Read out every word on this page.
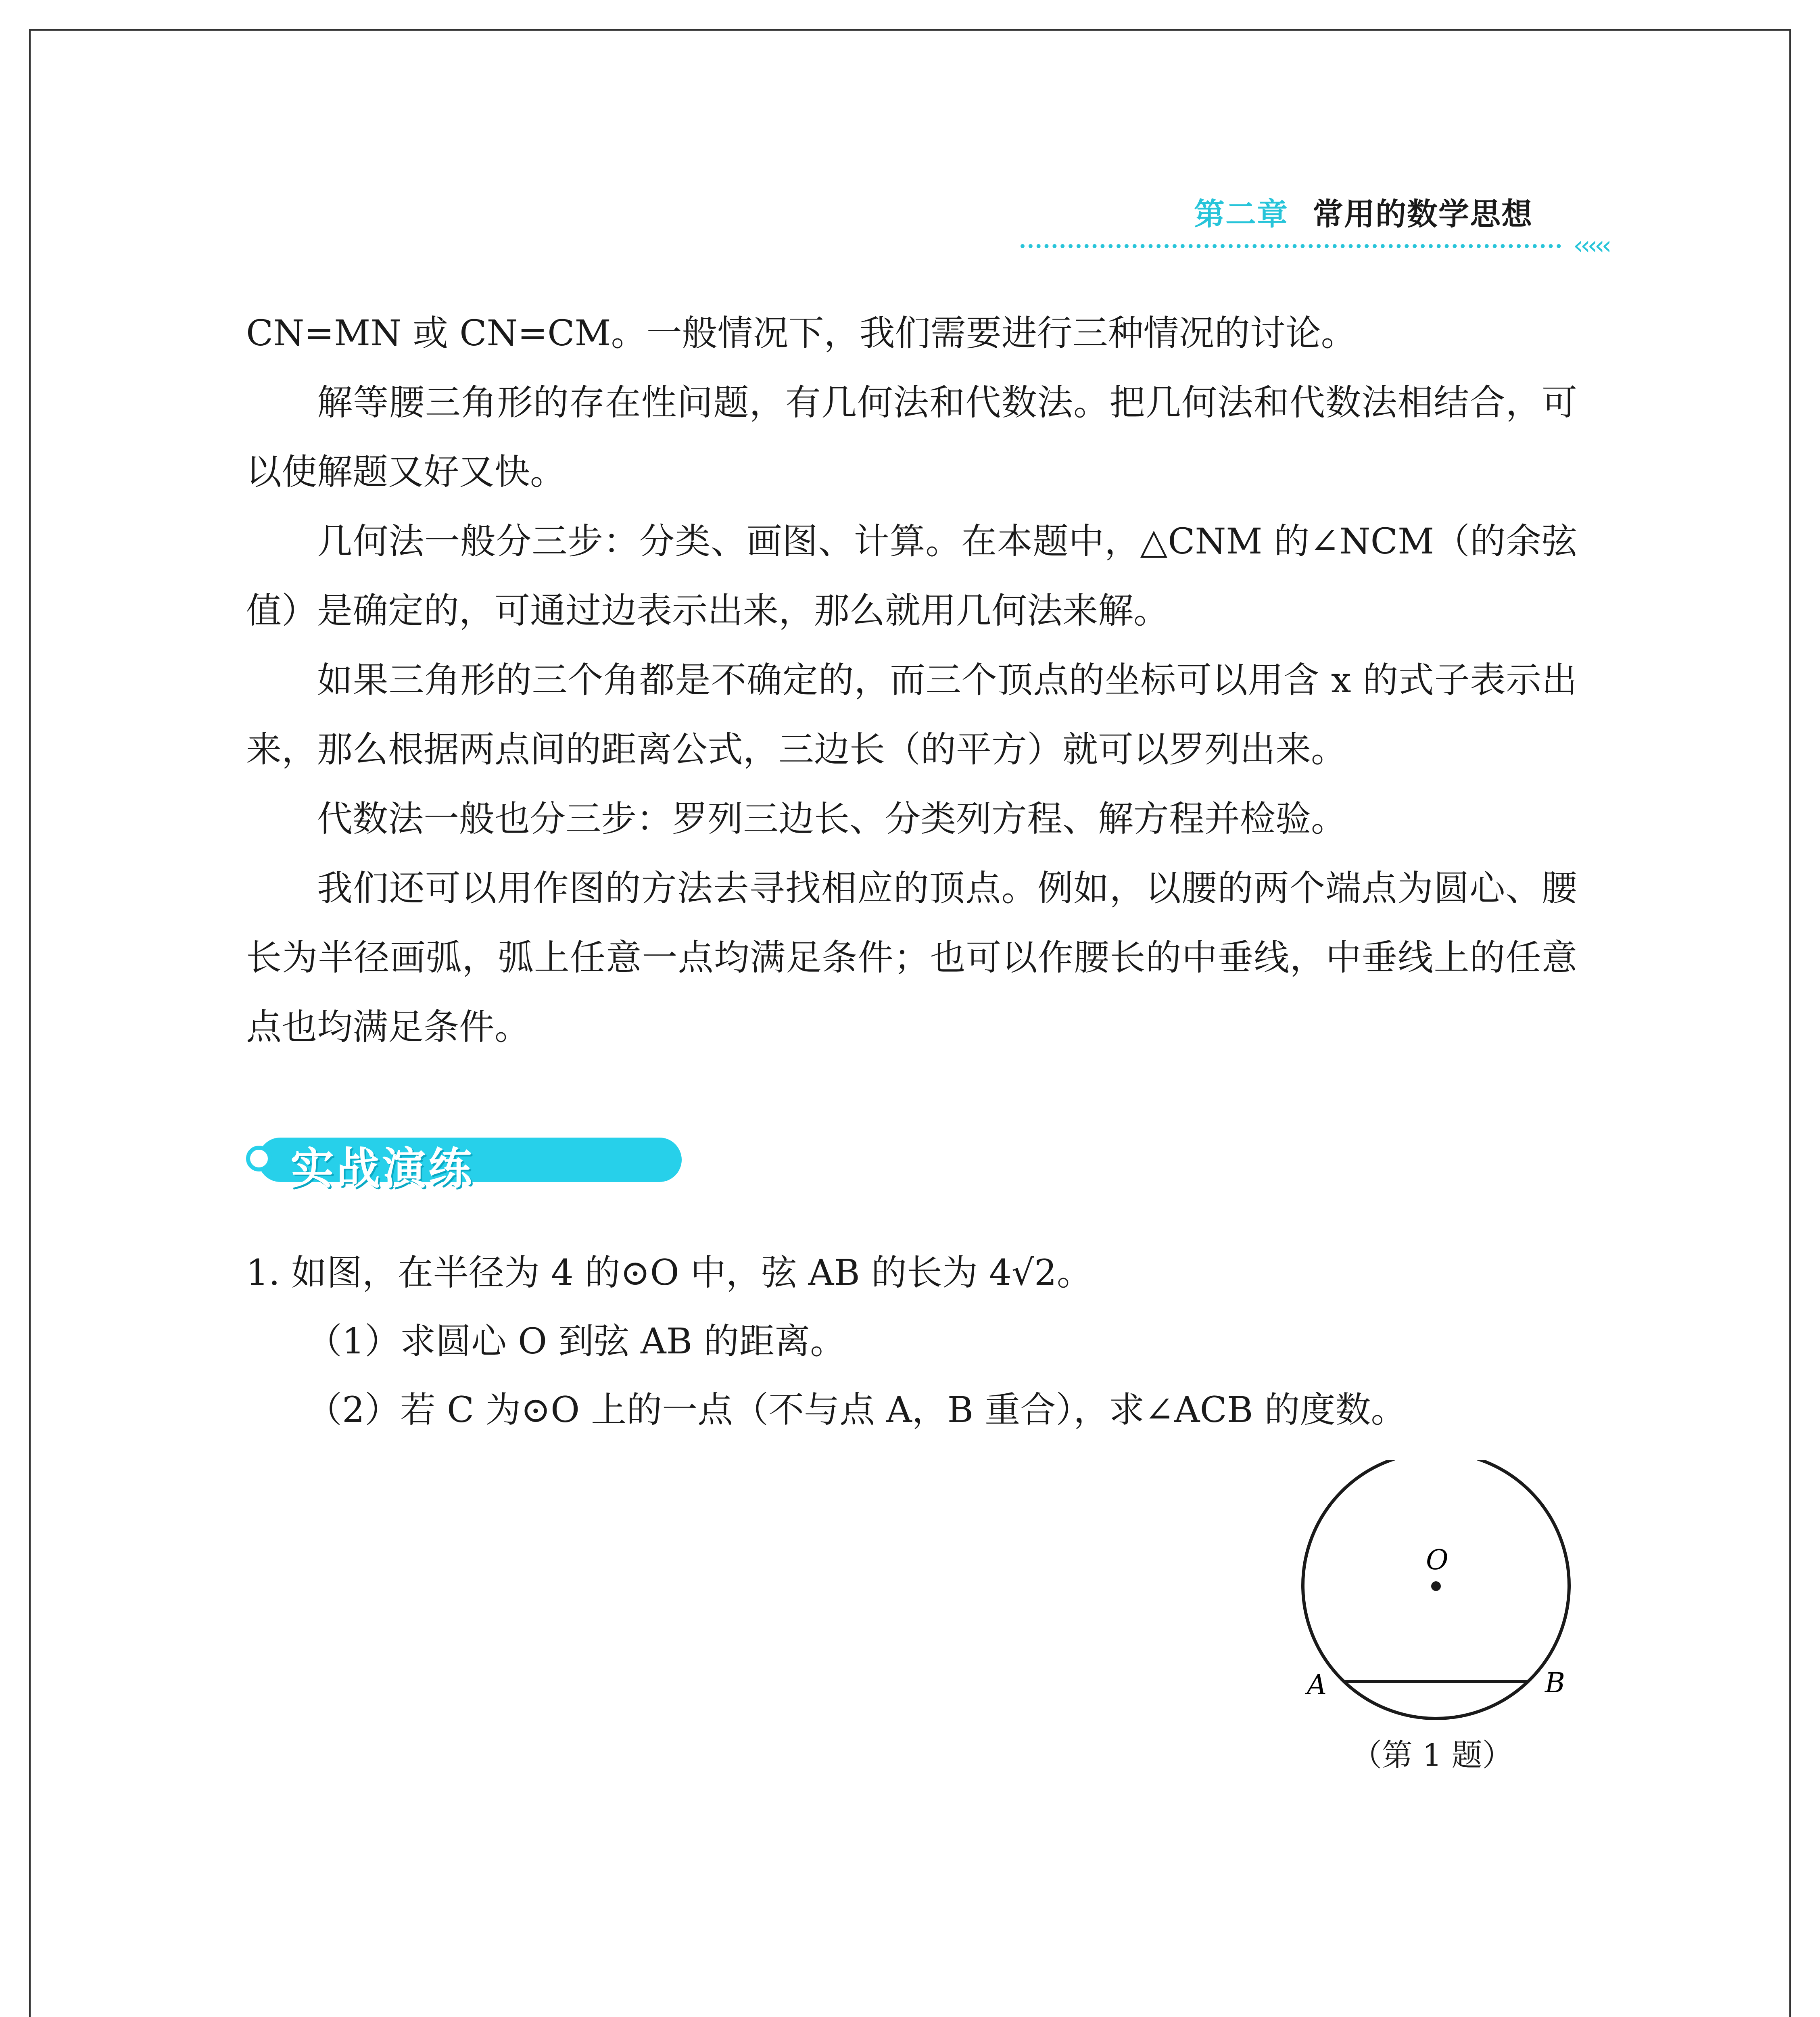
第二章 常用的数学思想
‹‹‹‹‹
CN=MN 或 CN=CM。一般情况下，我们需要进行三种情况的讨论。
解等腰三角形的存在性问题，有几何法和代数法。把几何法和代数法相结合，可以使解题又好又快。
几何法一般分三步：分类、画图、计算。在本题中，△CNM 的∠NCM（的余弦值）是确定的，可通过边表示出来，那么就用几何法来解。
如果三角形的三个角都是不确定的，而三个顶点的坐标可以用含 x 的式子表示出来，那么根据两点间的距离公式，三边长（的平方）就可以罗列出来。
代数法一般也分三步：罗列三边长、分类列方程、解方程并检验。
我们还可以用作图的方法去寻找相应的顶点。例如，以腰的两个端点为圆心、腰长为半径画弧，弧上任意一点均满足条件；也可以作腰长的中垂线，中垂线上的任意点也均满足条件。
实战演练
1. 如图，在半径为 4 的⊙O 中，弦 AB 的长为 4√2。
（1）求圆心 O 到弦 AB 的距离。
（2）若 C 为⊙O 上的一点（不与点 A，B 重合），求∠ACB 的度数。
O
A	B
（第 1 题）
